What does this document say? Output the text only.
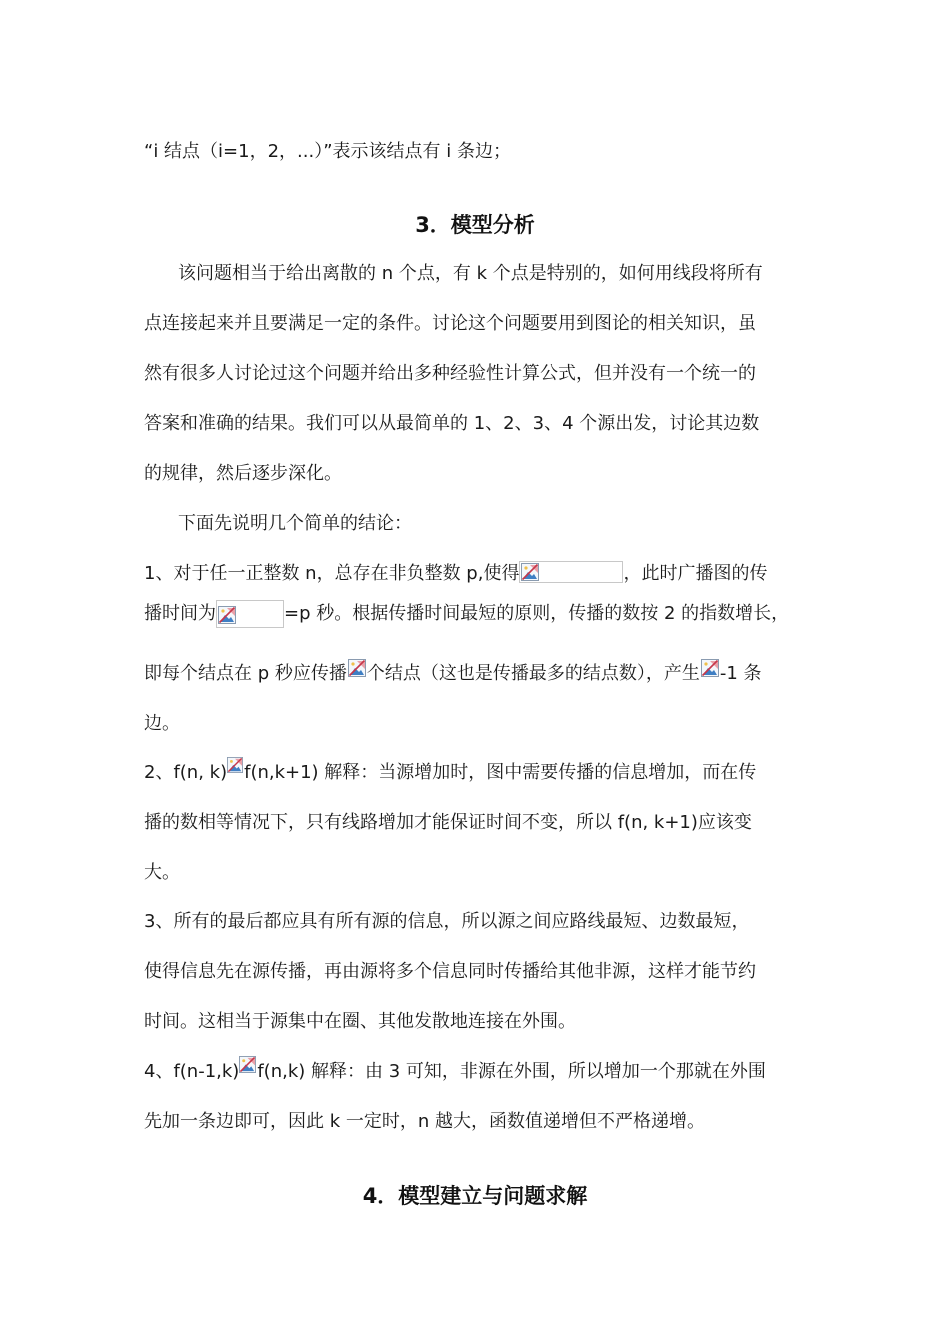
“i 结点（i=1，2，...）”表示该结点有 i 条边；
3．模型分析
该问题相当于给出离散的 n 个点，有 k 个点是特别的，如何用线段将所有
点连接起来并且要满足一定的条件。讨论这个问题要用到图论的相关知识，虽
然有很多人讨论过这个问题并给出多种经验性计算公式，但并没有一个统一的
答案和准确的结果。我们可以从最简单的 1、2、3、4 个源出发，讨论其边数
的规律，然后逐步深化。
下面先说明几个简单的结论：
1、对于任一正整数 n，总存在非负整数 p,使得	，此时广播图的传
播时间为	=p 秒。根据传播时间最短的原则，传播的数按 2 的指数增长，
即每个结点在 p 秒应传播 个结点（这也是传播最多的结点数），产生 -1 条
边。
2、f(n, k) f(n,k+1) 解释：当源增加时，图中需要传播的信息增加，而在传
播的数相等情况下，只有线路增加才能保证时间不变，所以 f(n, k+1)应该变
大。
3、所有的最后都应具有所有源的信息，所以源之间应路线最短、边数最短，
使得信息先在源传播，再由源将多个信息同时传播给其他非源，这样才能节约
时间。这相当于源集中在圈、其他发散地连接在外围。
4、f(n-1,k) f(n,k) 解释：由 3 可知，非源在外围，所以增加一个那就在外围
先加一条边即可，因此 k 一定时，n 越大，函数值递增但不严格递增。
4．模型建立与问题求解
